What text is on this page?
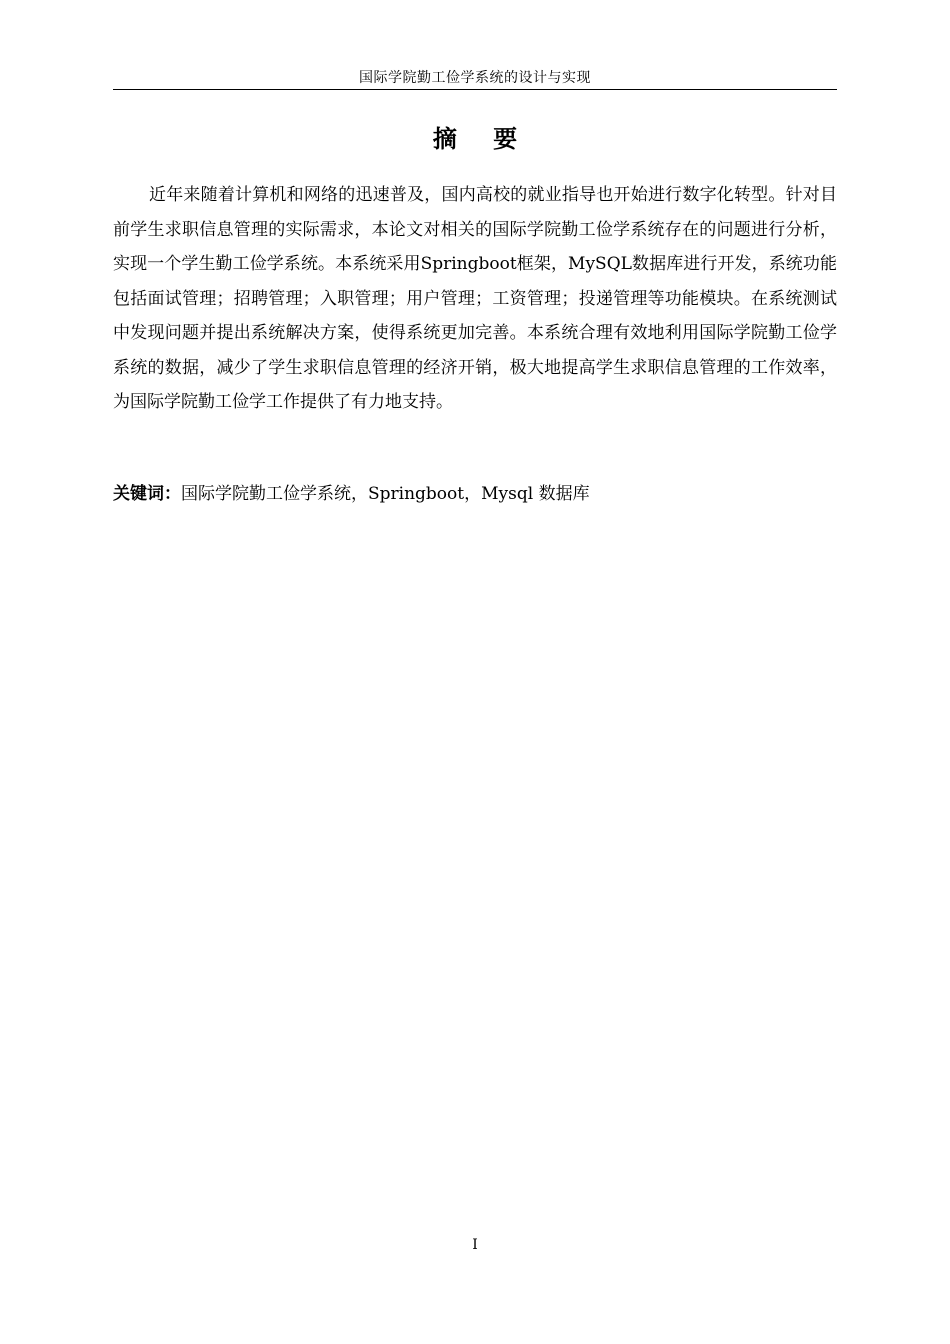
国际学院勤工俭学系统的设计与实现
摘 要

近年来随着计算机和网络的迅速普及，国内高校的就业指导也开始进行数字化转型。针对目前学生求职信息管理的实际需求，本论文对相关的国际学院勤工俭学系统存在的问题进行分析，实现一个学生勤工俭学系统。本系统采用Springboot框架，MySQL数据库进行开发，系统功能包括面试管理；招聘管理；入职管理；用户管理；工资管理；投递管理等功能模块。在系统测试中发现问题并提出系统解决方案，使得系统更加完善。本系统合理有效地利用国际学院勤工俭学系统的数据，减少了学生求职信息管理的经济开销，极大地提高学生求职信息管理的工作效率，为国际学院勤工俭学工作提供了有力地支持。

关键词：国际学院勤工俭学系统，Springboot，Mysql 数据库
I
